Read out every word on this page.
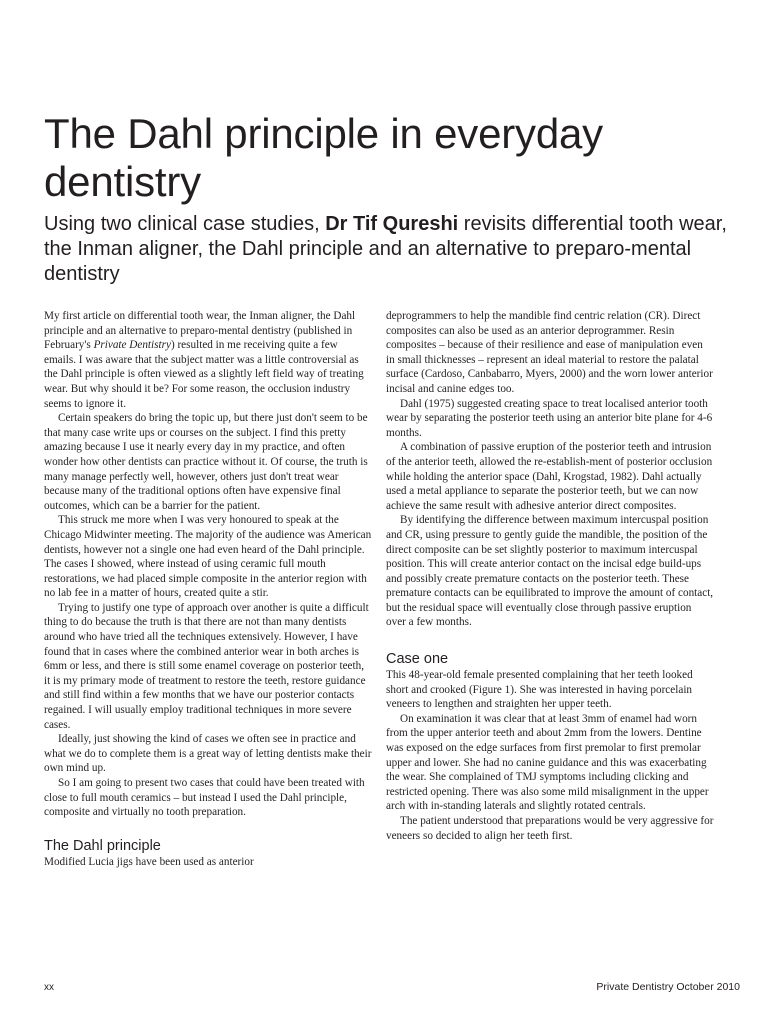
The Dahl principle in everyday dentistry

Using two clinical case studies, Dr Tif Qureshi revisits differential tooth wear, the Inman aligner, the Dahl principle and an alternative to preparo-mental dentistry

My first article on differential tooth wear, the Inman aligner, the Dahl principle and an alternative to preparo-mental dentistry (published in February's Private Dentistry) resulted in me receiving quite a few emails. I was aware that the subject matter was a little controversial as the Dahl principle is often viewed as a slightly left field way of treating wear. But why should it be? For some reason, the occlusion industry seems to ignore it.

Certain speakers do bring the topic up, but there just don't seem to be that many case write ups or courses on the subject. I find this pretty amazing because I use it nearly every day in my practice, and often wonder how other dentists can practice without it. Of course, the truth is many manage perfectly well, however, others just don't treat wear because many of the traditional options often have expensive final outcomes, which can be a barrier for the patient.

This struck me more when I was very honoured to speak at the Chicago Midwinter meeting. The majority of the audience was American dentists, however not a single one had even heard of the Dahl principle. The cases I showed, where instead of using ceramic full mouth restorations, we had placed simple composite in the anterior region with no lab fee in a matter of hours, created quite a stir.

Trying to justify one type of approach over another is quite a difficult thing to do because the truth is that there are not than many dentists around who have tried all the techniques extensively. However, I have found that in cases where the combined anterior wear in both arches is 6mm or less, and there is still some enamel coverage on posterior teeth, it is my primary mode of treatment to restore the teeth, restore guidance and still find within a few months that we have our posterior contacts regained. I will usually employ traditional techniques in more severe cases.

Ideally, just showing the kind of cases we often see in practice and what we do to complete them is a great way of letting dentists make their own mind up.

So I am going to present two cases that could have been treated with close to full mouth ceramics – but instead I used the Dahl principle, composite and virtually no tooth preparation.

The Dahl principle

Modified Lucia jigs have been used as anterior

deprogrammers to help the mandible find centric relation (CR). Direct composites can also be used as an anterior deprogrammer. Resin composites – because of their resilience and ease of manipulation even in small thicknesses – represent an ideal material to restore the palatal surface (Cardoso, Canbabarro, Myers, 2000) and the worn lower anterior incisal and canine edges too.

Dahl (1975) suggested creating space to treat localised anterior tooth wear by separating the posterior teeth using an anterior bite plane for 4-6 months.

A combination of passive eruption of the posterior teeth and intrusion of the anterior teeth, allowed the re-establish-ment of posterior occlusion while holding the anterior space (Dahl, Krogstad, 1982). Dahl actually used a metal appliance to separate the posterior teeth, but we can now achieve the same result with adhesive anterior direct composites.

By identifying the difference between maximum intercuspal position and CR, using pressure to gently guide the mandible, the position of the direct composite can be set slightly posterior to maximum intercuspal position. This will create anterior contact on the incisal edge build-ups and possibly create premature contacts on the posterior teeth. These premature contacts can be equilibrated to improve the amount of contact, but the residual space will eventually close through passive eruption over a few months.

Case one

This 48-year-old female presented complaining that her teeth looked short and crooked (Figure 1). She was interested in having porcelain veneers to lengthen and straighten her upper teeth.

On examination it was clear that at least 3mm of enamel had worn from the upper anterior teeth and about 2mm from the lowers. Dentine was exposed on the edge surfaces from first premolar to first premolar upper and lower. She had no canine guidance and this was exacerbating the wear. She complained of TMJ symptoms including clicking and restricted opening. There was also some mild misalignment in the upper arch with in-standing laterals and slightly rotated centrals.

The patient understood that preparations would be very aggressive for veneers so decided to align her teeth first.

xx	Private Dentistry October 2010
